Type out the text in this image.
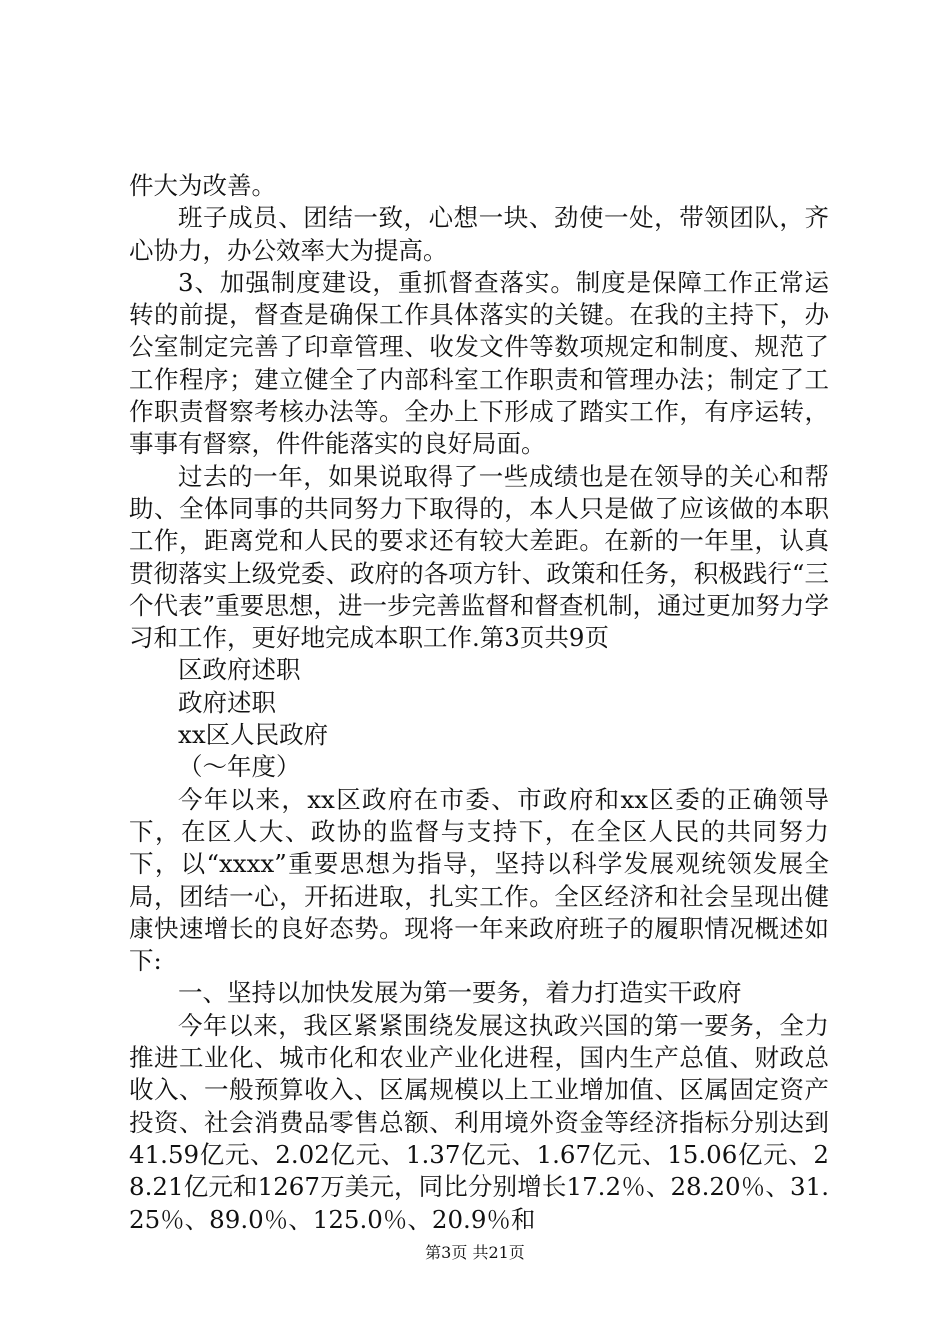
件大为改善。

班子成员、团结一致，心想一块、劲使一处，带领团队，齐心协力，办公效率大为提高。

3、加强制度建设，重抓督查落实。制度是保障工作正常运转的前提，督查是确保工作具体落实的关键。在我的主持下，办公室制定完善了印章管理、收发文件等数项规定和制度、规范了工作程序；建立健全了内部科室工作职责和管理办法；制定了工作职责督察考核办法等。全办上下形成了踏实工作，有序运转，事事有督察，件件能落实的良好局面。

过去的一年，如果说取得了一些成绩也是在领导的关心和帮助、全体同事的共同努力下取得的，本人只是做了应该做的本职工作，距离党和人民的要求还有较大差距。在新的一年里，认真贯彻落实上级党委、政府的各项方针、政策和任务，积极践行“三个代表”重要思想，进一步完善监督和督查机制，通过更加努力学习和工作，更好地完成本职工作.第3页共9页

区政府述职

政府述职

xx区人民政府

（～年度）

今年以来，xx区政府在市委、市政府和xx区委的正确领导下，在区人大、政协的监督与支持下，在全区人民的共同努力下，以“xxxx”重要思想为指导，坚持以科学发展观统领发展全局，团结一心，开拓进取，扎实工作。全区经济和社会呈现出健康快速增长的良好态势。现将一年来政府班子的履职情况概述如下:

一、坚持以加快发展为第一要务，着力打造实干政府

今年以来，我区紧紧围绕发展这执政兴国的第一要务，全力推进工业化、城市化和农业产业化进程，国内生产总值、财政总收入、一般预算收入、区属规模以上工业增加值、区属固定资产投资、社会消费品零售总额、利用境外资金等经济指标分别达到41.59亿元、2.02亿元、1.37亿元、1.67亿元、15.06亿元、28.21亿元和1267万美元，同比分别增长17.2％、28.20％、31.25％、89.0％、125.0％、20.9％和

第3页 共21页
